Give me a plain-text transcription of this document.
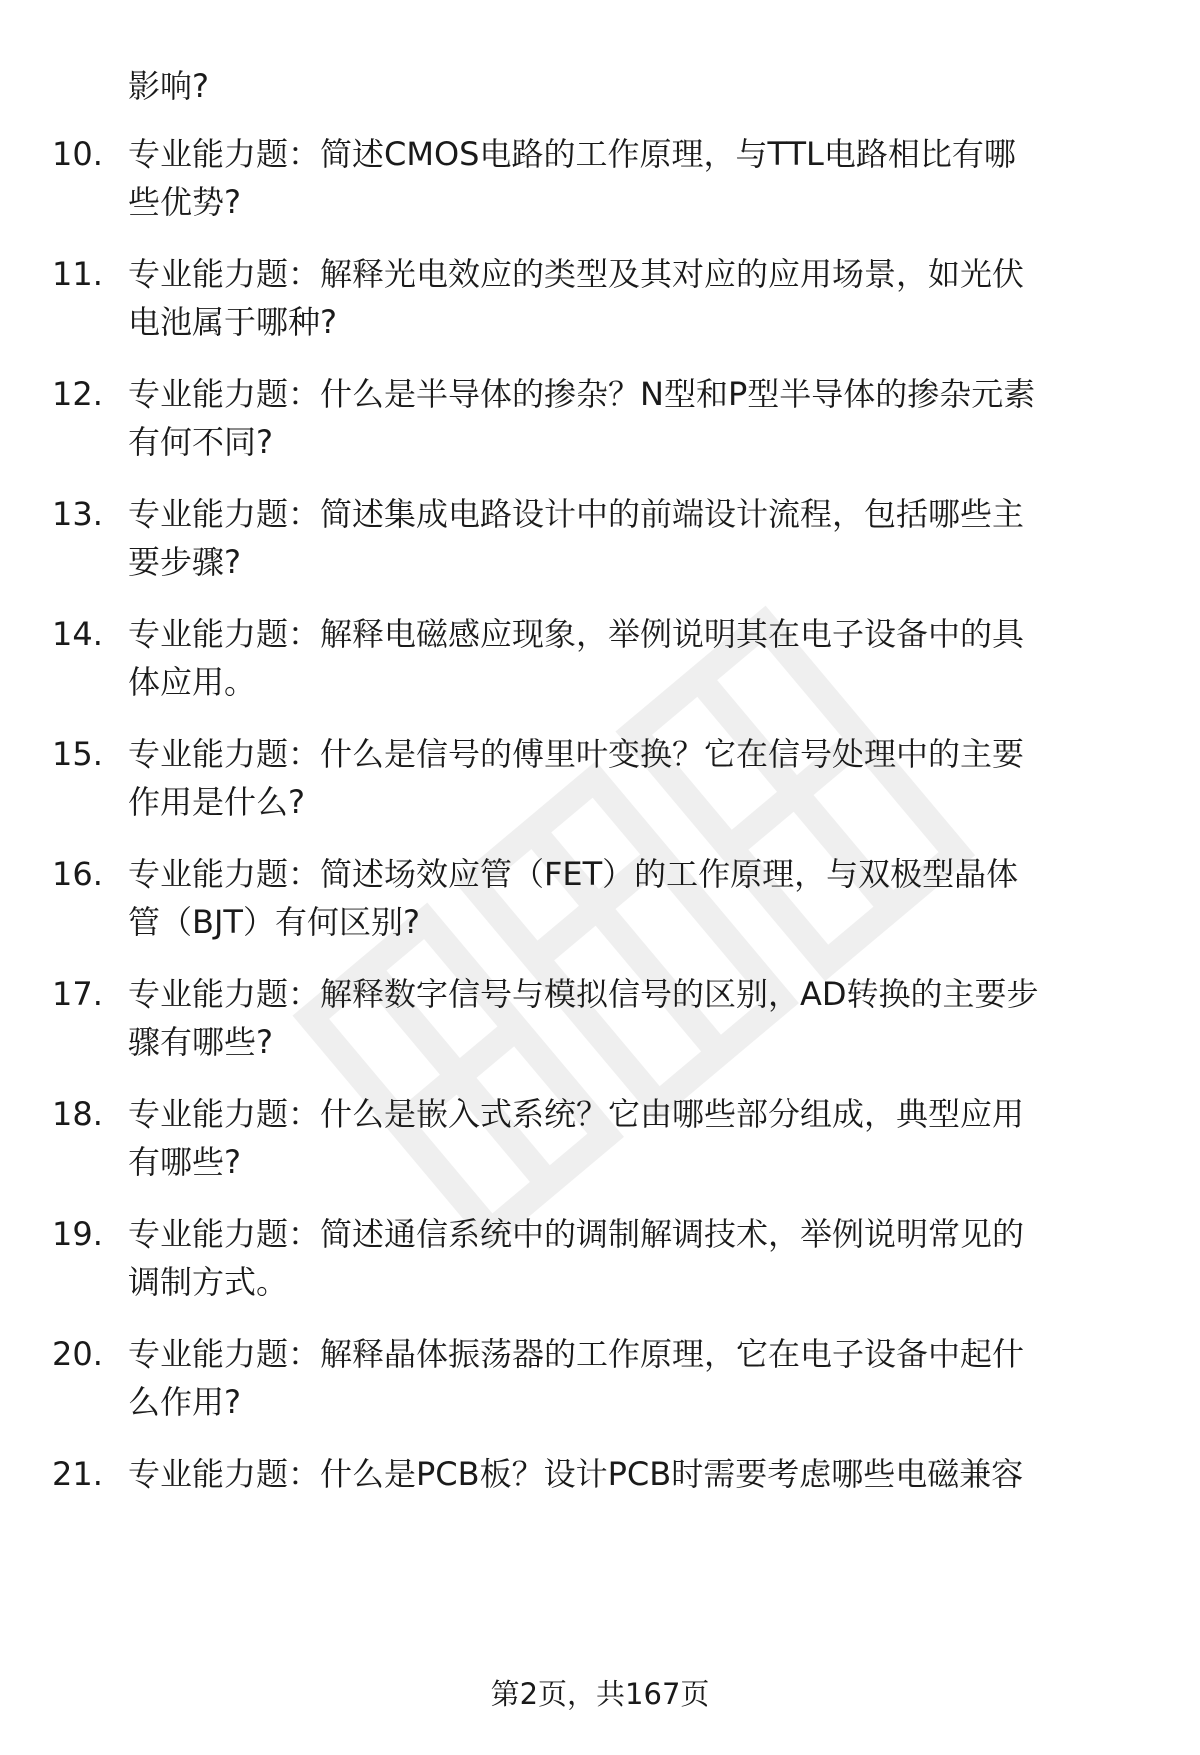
影响?
10. 专业能力题：简述CMOS电路的工作原理，与TTL电路相比有哪
些优势?
11. 专业能力题：解释光电效应的类型及其对应的应用场景，如光伏
电池属于哪种?
12. 专业能力题：什么是半导体的掺杂？N型和P型半导体的掺杂元素
有何不同?
13. 专业能力题：简述集成电路设计中的前端设计流程，包括哪些主
要步骤?
14. 专业能力题：解释电磁感应现象，举例说明其在电子设备中的具
体应用。
15. 专业能力题：什么是信号的傅里叶变换？它在信号处理中的主要
作用是什么?
16. 专业能力题：简述场效应管（FET）的工作原理，与双极型晶体
管（BJT）有何区别?
17. 专业能力题：解释数字信号与模拟信号的区别，AD转换的主要步
骤有哪些?
18. 专业能力题：什么是嵌入式系统？它由哪些部分组成，典型应用
有哪些?
19. 专业能力题：简述通信系统中的调制解调技术，举例说明常见的
调制方式。
20. 专业能力题：解释晶体振荡器的工作原理，它在电子设备中起什
么作用?
21. 专业能力题：什么是PCB板？设计PCB时需要考虑哪些电磁兼容
第2页，共167页
